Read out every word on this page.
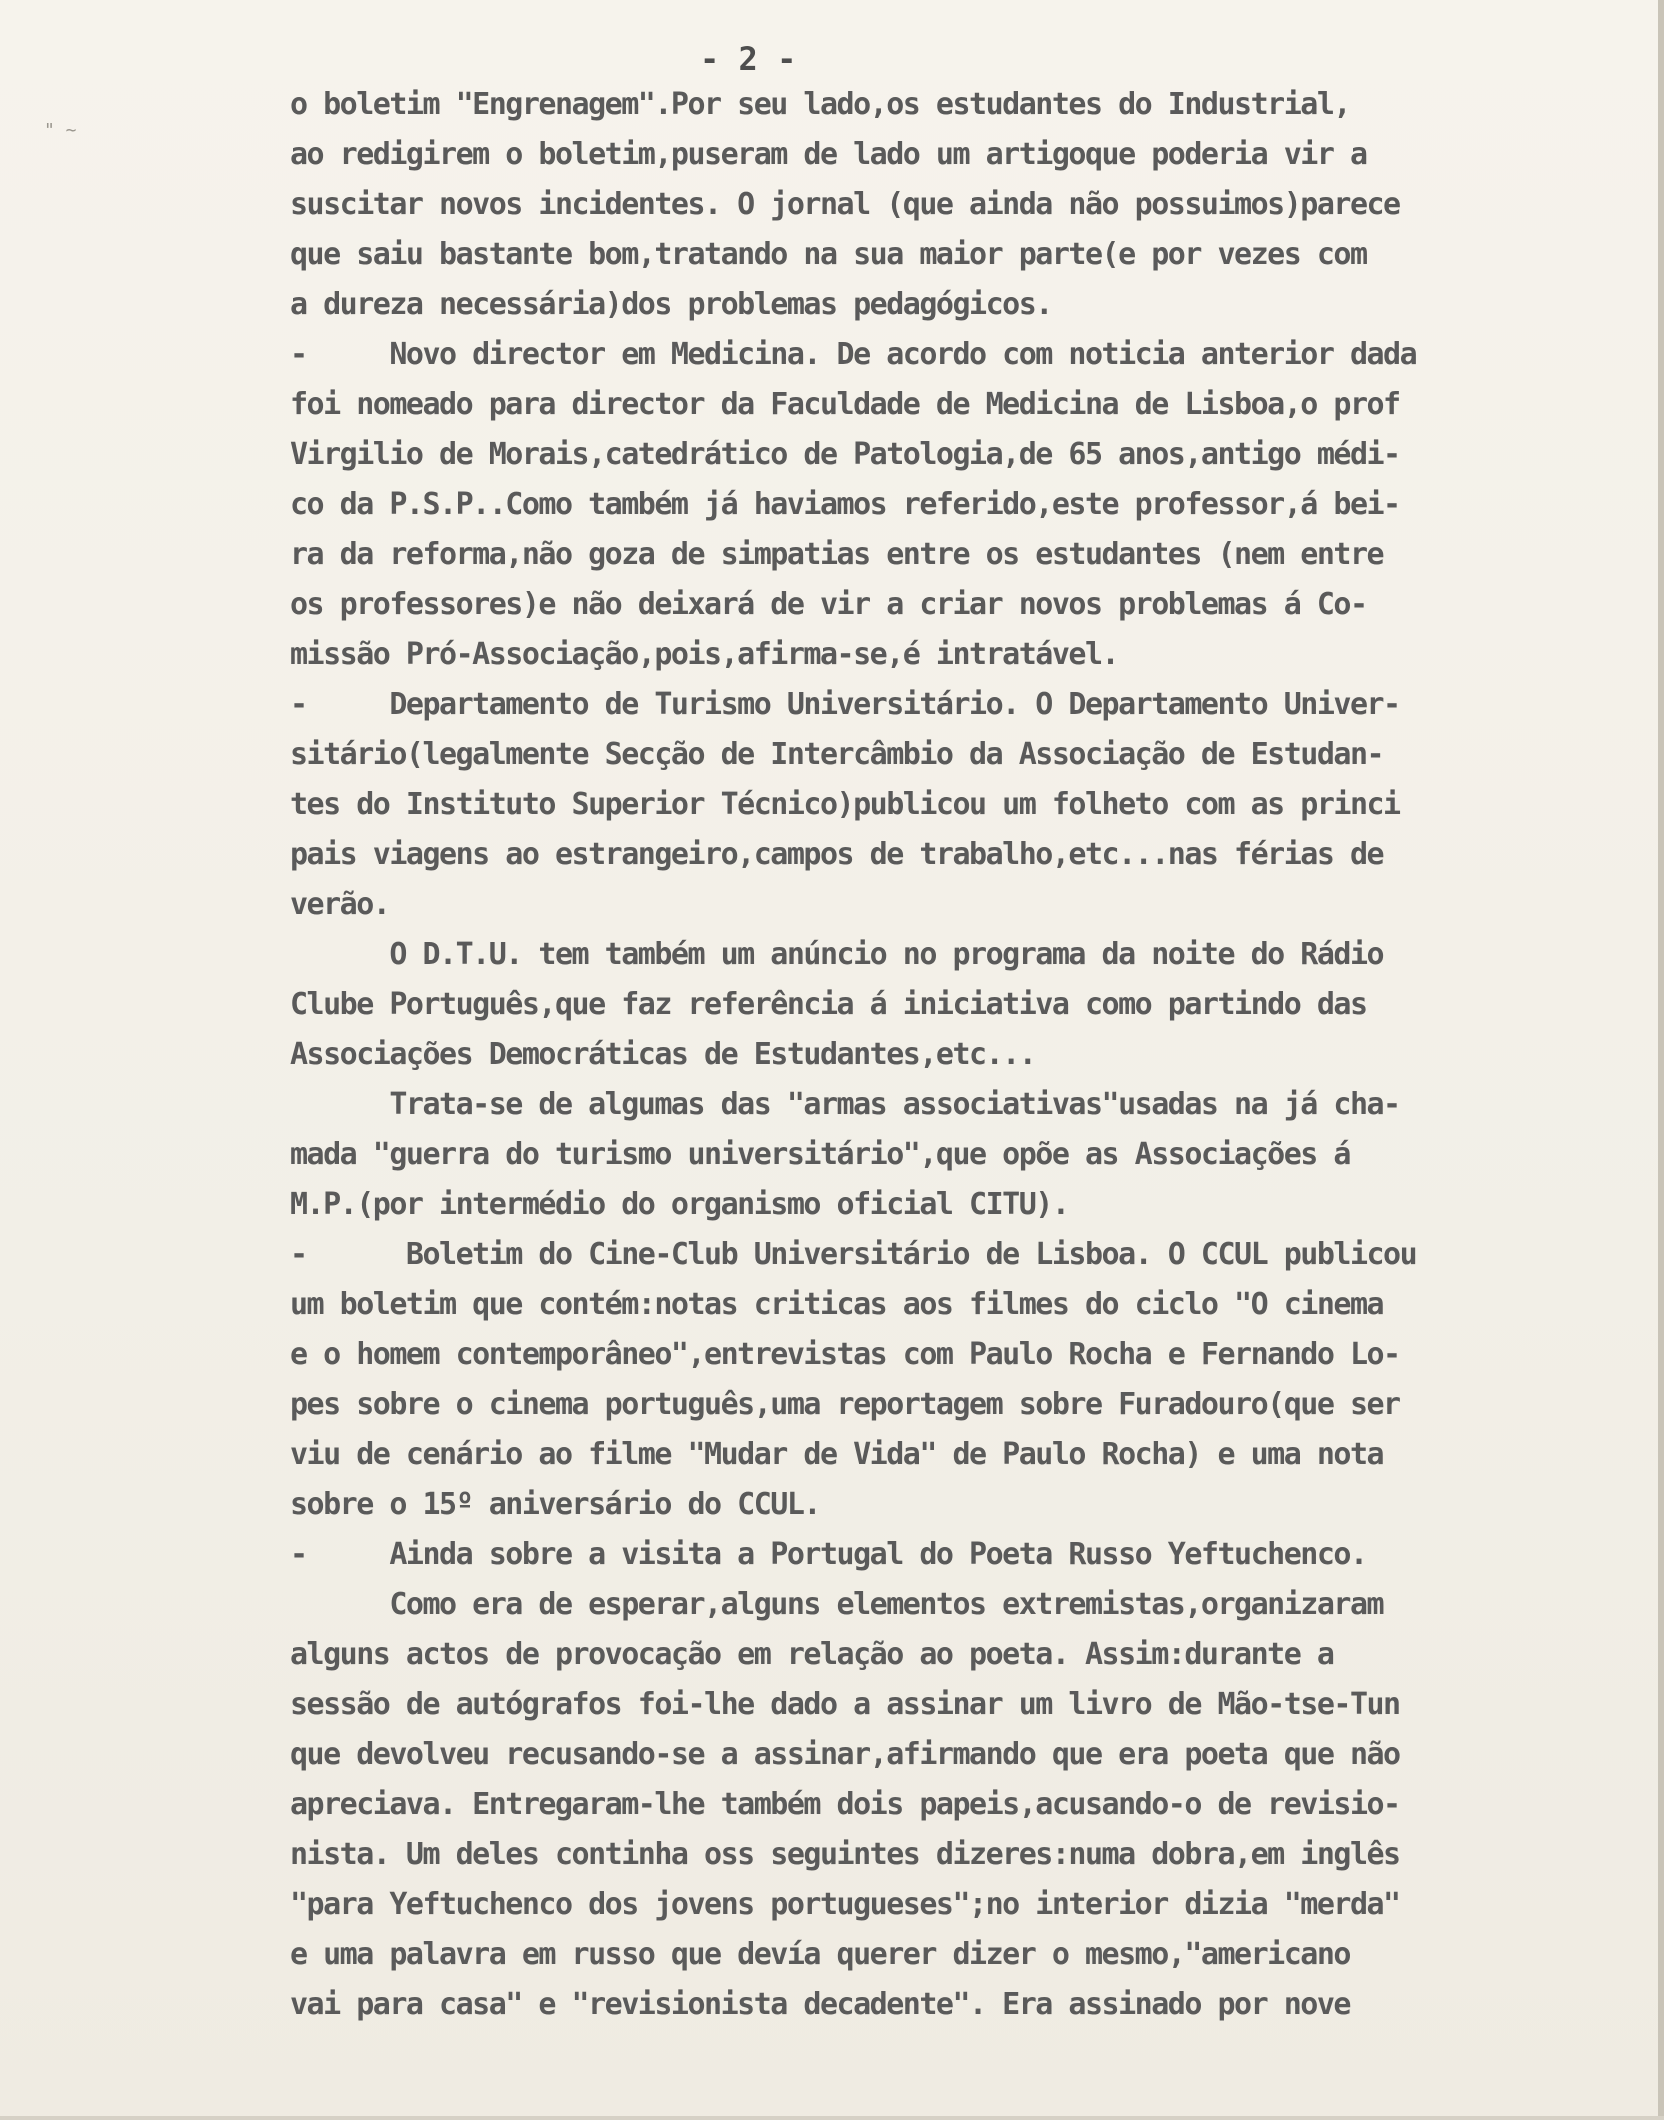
" ~
- 2 -
o boletim "Engrenagem".Por seu lado,os estudantes do Industrial,
ao redigirem o boletim,puseram de lado um artigoque poderia vir a
suscitar novos incidentes. O jornal (que ainda não possuimos)parece
que saiu bastante bom,tratando na sua maior parte(e por vezes com
a dureza necessária)dos problemas pedagógicos.
-     Novo director em Medicina. De acordo com noticia anterior dada
foi nomeado para director da Faculdade de Medicina de Lisboa,o prof
Virgilio de Morais,catedrático de Patologia,de 65 anos,antigo médi-
co da P.S.P..Como também já haviamos referido,este professor,á bei-
ra da reforma,não goza de simpatias entre os estudantes (nem entre
os professores)e não deixará de vir a criar novos problemas á Co-
missão Pró-Associação,pois,afirma-se,é intratável.
-     Departamento de Turismo Universitário. O Departamento Univer-
sitário(legalmente Secção de Intercâmbio da Associação de Estudan-
tes do Instituto Superior Técnico)publicou um folheto com as princi
pais viagens ao estrangeiro,campos de trabalho,etc...nas férias de
verão.
O D.T.U. tem também um anúncio no programa da noite do Rádio
Clube Português,que faz referência á iniciativa como partindo das
Associações Democráticas de Estudantes,etc...
Trata-se de algumas das "armas associativas"usadas na já cha-
mada "guerra do turismo universitário",que opõe as Associações á
M.P.(por intermédio do organismo oficial CITU).
-      Boletim do Cine-Club Universitário de Lisboa. O CCUL publicou
um boletim que contém:notas criticas aos filmes do ciclo "O cinema
e o homem contemporâneo",entrevistas com Paulo Rocha e Fernando Lo-
pes sobre o cinema português,uma reportagem sobre Furadouro(que ser
viu de cenário ao filme "Mudar de Vida" de Paulo Rocha) e uma nota
sobre o 15º aniversário do CCUL.
-     Ainda sobre a visita a Portugal do Poeta Russo Yeftuchenco.
Como era de esperar,alguns elementos extremistas,organizaram
alguns actos de provocação em relação ao poeta. Assim:durante a
sessão de autógrafos foi-lhe dado a assinar um livro de Mão-tse-Tun
que devolveu recusando-se a assinar,afirmando que era poeta que não
apreciava. Entregaram-lhe também dois papeis,acusando-o de revisio-
nista. Um deles continha oss seguintes dizeres:numa dobra,em inglês
"para Yeftuchenco dos jovens portugueses";no interior dizia "merda"
e uma palavra em russo que devía querer dizer o mesmo,"americano
vai para casa" e "revisionista decadente". Era assinado por nove
